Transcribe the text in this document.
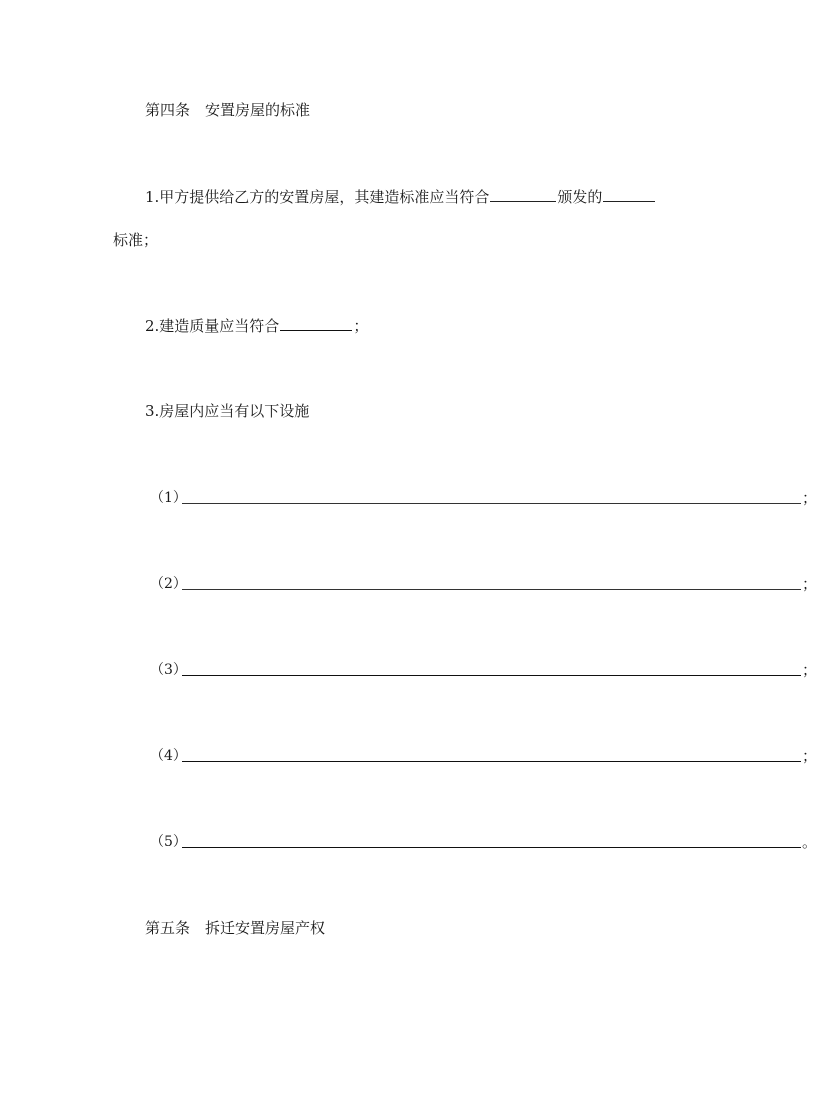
第四条　安置房屋的标准
1.甲方提供给乙方的安置房屋，其建造标准应当符合	颁发的
标准；
2.建造质量应当符合	；
3.房屋内应当有以下设施
（1）	；
（2）	；
（3）	；
（4）	；
（5）	。
第五条　拆迁安置房屋产权
